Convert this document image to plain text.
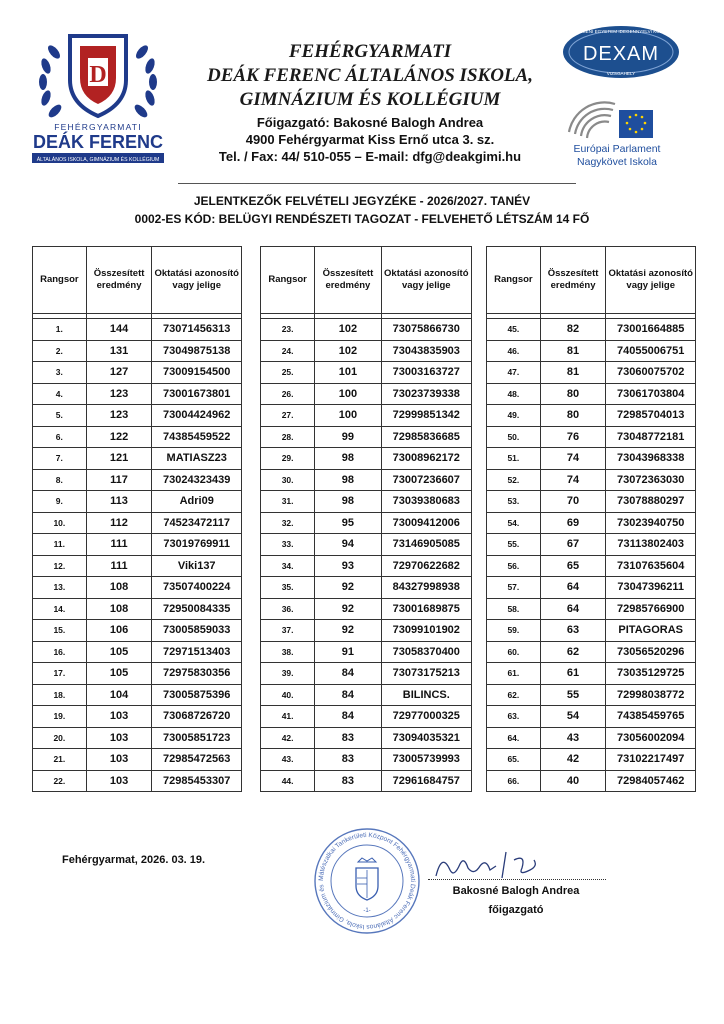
D
FEHÉRGYARMATI
DEÁK FERENC
ÁLTALÁNOS ISKOLA, GIMNÁZIUM ÉS KOLLÉGIUM
FEHÉRGYARMATI
DEÁK FERENC ÁLTALÁNOS ISKOLA,
GIMNÁZIUM ÉS KOLLÉGIUM
Főigazgató: Bakosné Balogh Andrea
4900 Fehérgyarmat Kiss Ernő utca 3. sz.
Tel. / Fax: 44/ 510-055 – E-mail: dfg@deakgimi.hu
DEBRECENI EGYETEM IDEGENNYELVI KÖZPONT
DEXAM
VIZSGAHELY
Európai Parlament
Nagykövet Iskola
JELENTKEZŐK FELVÉTELI JEGYZÉKE - 2026/2027. TANÉV
0002-ES KÓD: BELÜGYI RENDÉSZETI TAGOZAT - FELVEHETŐ LÉTSZÁM 14 FŐ
Rangsor	Összesített eredmény	Oktatási azonosító vagy jelige

1.	144	73071456313
2.	131	73049875138
3.	127	73009154500
4.	123	73001673801
5.	123	73004424962
6.	122	74385459522
7.	121	MATIASZ23
8.	117	73024323439
9.	113	Adri09
10.	112	74523472117
11.	111	73019769911
12.	111	Viki137
13.	108	73507400224
14.	108	72950084335
15.	106	73005859033
16.	105	72971513403
17.	105	72975830356
18.	104	73005875396
19.	103	73068726720
20.	103	73005851723
21.	103	72985472563
22.	103	72985453307
Rangsor	Összesített eredmény	Oktatási azonosító vagy jelige

23.	102	73075866730
24.	102	73043835903
25.	101	73003163727
26.	100	73023739338
27.	100	72999851342
28.	99	72985836685
29.	98	73008962172
30.	98	73007236607
31.	98	73039380683
32.	95	73009412006
33.	94	73146905085
34.	93	72970622682
35.	92	84327998938
36.	92	73001689875
37.	92	73099101902
38.	91	73058370400
39.	84	73073175213
40.	84	BILINCS.
41.	84	72977000325
42.	83	73094035321
43.	83	73005739993
44.	83	72961684757
Rangsor	Összesített eredmény	Oktatási azonosító vagy jelige

45.	82	73001664885
46.	81	74055006751
47.	81	73060075702
48.	80	73061703804
49.	80	72985704013
50.	76	73048772181
51.	74	73043968338
52.	74	73072363030
53.	70	73078880297
54.	69	73023940750
55.	67	73113802403
56.	65	73107635604
57.	64	73047396211
58.	64	72985766900
59.	63	PITAGORAS
60.	62	73056520296
61.	61	73035129725
62.	55	72998038772
63.	54	74385459765
64.	43	73056002094
65.	42	73102217497
66.	40	72984057462
Fehérgyarmat, 2026. 03. 19.
Mátészalkai Tankerületi Központ Fehérgyarmati Deák Ferenc Általános Iskola, Gimnázium és
-1-
Bakosné Balogh Andrea
főigazgató
